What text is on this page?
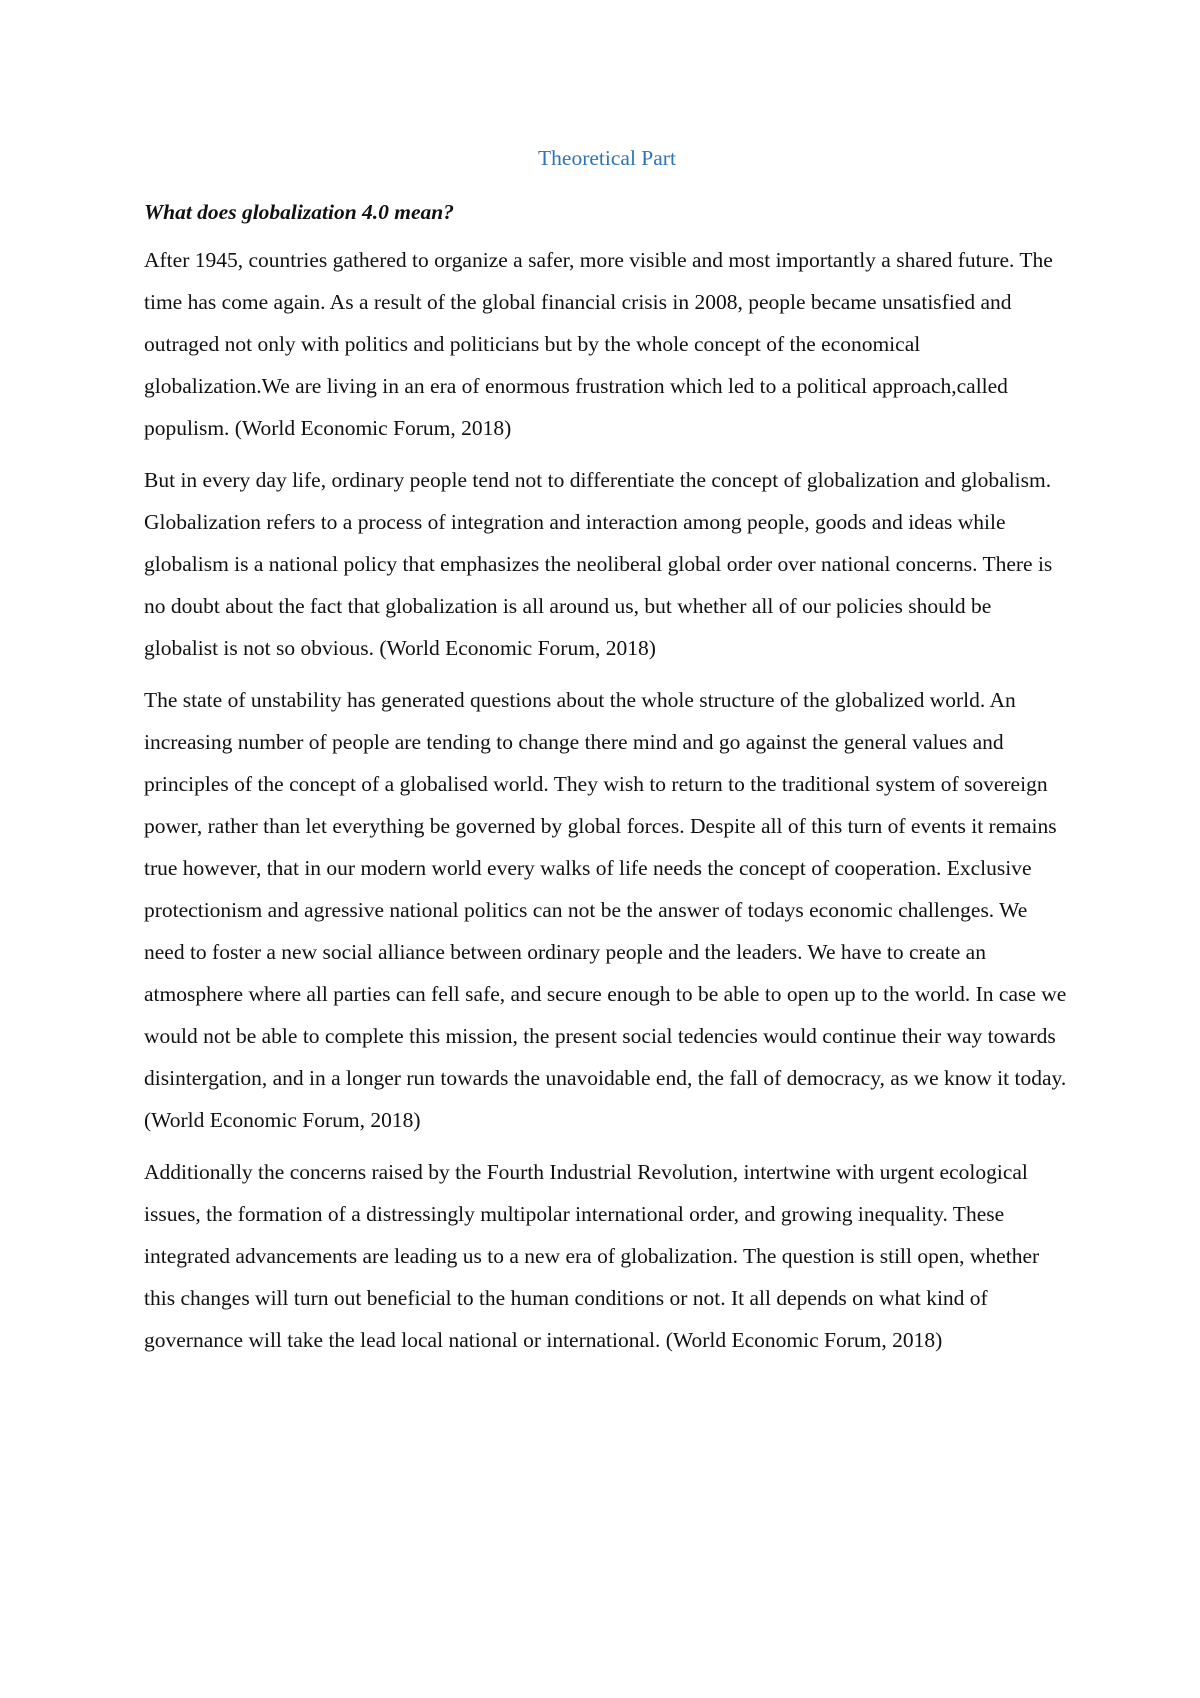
Theoretical Part
What does globalization 4.0 mean?

After 1945, countries gathered to organize a safer, more visible and most importantly a shared future. The time has come again. As a result of the global financial crisis in 2008, people became unsatisfied and outraged not only with politics and politicians but by the whole concept of the economical globalization.We are living in an era of enormous frustration which led to a political approach,called populism. (World Economic Forum, 2018)

But in every day life, ordinary people tend not to differentiate the concept of globalization and globalism. Globalization refers to a process of integration and interaction among people, goods and ideas while globalism is a national policy that emphasizes the neoliberal global order over national concerns. There is no doubt about the fact that globalization is all around us, but whether all of our policies should be globalist is not so obvious. (World Economic Forum, 2018)

The state of unstability has generated questions about the whole structure of the globalized world. An increasing number of people are tending to change there mind and go against the general values and principles of the concept of a globalised world. They wish to return to the traditional system of sovereign power, rather than let everything be governed by global forces. Despite all of this turn of events it remains true however, that in our modern world every walks of life needs the concept of cooperation. Exclusive protectionism and agressive national politics can not be the answer of todays economic challenges. We need to foster a new social alliance between ordinary people and the leaders. We have to create an atmosphere where all parties can fell safe, and secure enough to be able to open up to the world. In case we would not be able to complete this mission, the present social tedencies would continue their way towards disintergation, and in a longer run towards the unavoidable end, the fall of democracy, as we know it today. (World Economic Forum, 2018)

Additionally the concerns raised by the Fourth Industrial Revolution, intertwine with urgent ecological issues, the formation of a distressingly multipolar international order, and growing inequality. These integrated advancements are leading us to a new era of globalization. The question is still open, whether this changes will turn out beneficial to the human conditions or not. It all depends on what kind of governance will take the lead local national or international. (World Economic Forum, 2018)
